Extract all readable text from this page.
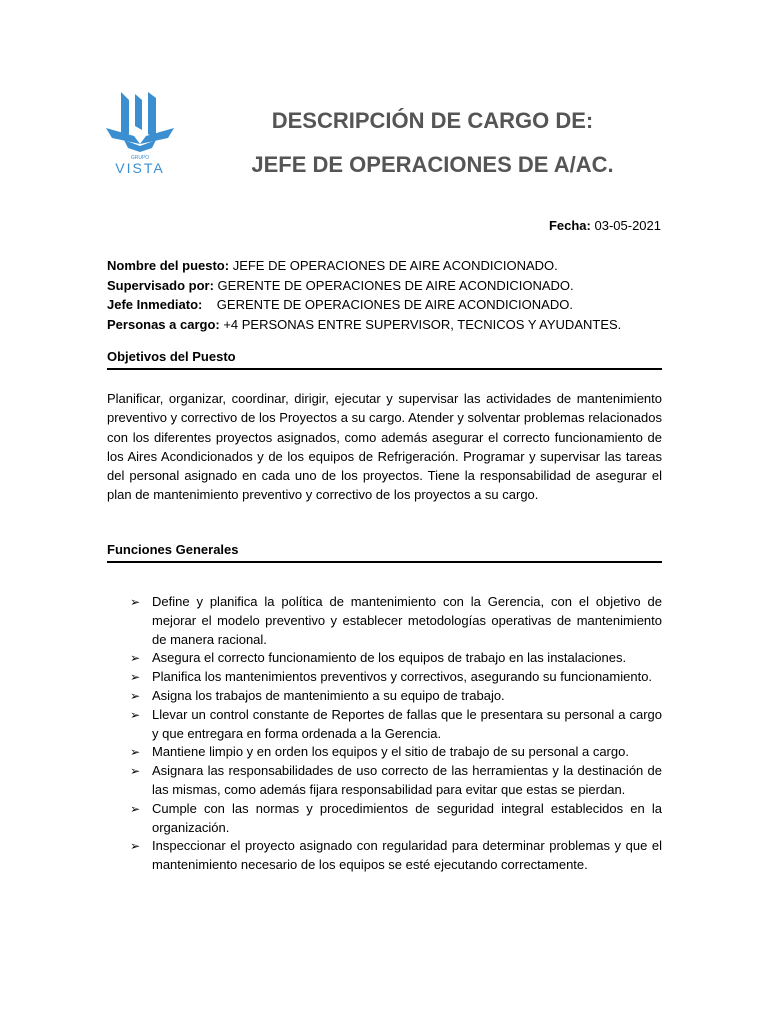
GRUPO
VISTA
DESCRIPCIÓN DE CARGO DE:
JEFE DE OPERACIONES DE A/AC.
Fecha: 03-05-2021
Nombre del puesto: JEFE DE OPERACIONES DE AIRE ACONDICIONADO.
Supervisado por: GERENTE DE OPERACIONES DE AIRE ACONDICIONADO.
Jefe Inmediato:    GERENTE DE OPERACIONES DE AIRE ACONDICIONADO.
Personas a cargo: +4 PERSONAS ENTRE SUPERVISOR, TECNICOS Y AYUDANTES.
Objetivos del Puesto
Planificar, organizar, coordinar, dirigir, ejecutar y supervisar las actividades de mantenimiento preventivo y correctivo de los Proyectos a su cargo. Atender y solventar problemas relacionados con los diferentes proyectos asignados, como además asegurar el correcto funcionamiento de los Aires Acondicionados y de los equipos de Refrigeración. Programar y supervisar las tareas del personal asignado en cada uno de los proyectos. Tiene la responsabilidad de asegurar el plan de mantenimiento preventivo y correctivo de los proyectos a su cargo.
Funciones Generales
➢ Define y planifica la política de mantenimiento con la Gerencia, con el objetivo de mejorar el modelo preventivo y establecer metodologías operativas de mantenimiento de manera racional.
➢ Asegura el correcto funcionamiento de los equipos de trabajo en las instalaciones.
➢ Planifica los mantenimientos preventivos y correctivos, asegurando su funcionamiento.
➢ Asigna los trabajos de mantenimiento a su equipo de trabajo.
➢ Llevar un control constante de Reportes de fallas que le presentara su personal a cargo y que entregara en forma ordenada a la Gerencia.
➢ Mantiene limpio y en orden los equipos y el sitio de trabajo de su personal a cargo.
➢ Asignara las responsabilidades de uso correcto de las herramientas y la destinación de las mismas, como además fijara responsabilidad para evitar que estas se pierdan.
➢ Cumple con las normas y procedimientos de seguridad integral establecidos en la organización.
➢ Inspeccionar el proyecto asignado con regularidad para determinar problemas y que el mantenimiento necesario de los equipos se esté ejecutando correctamente.
